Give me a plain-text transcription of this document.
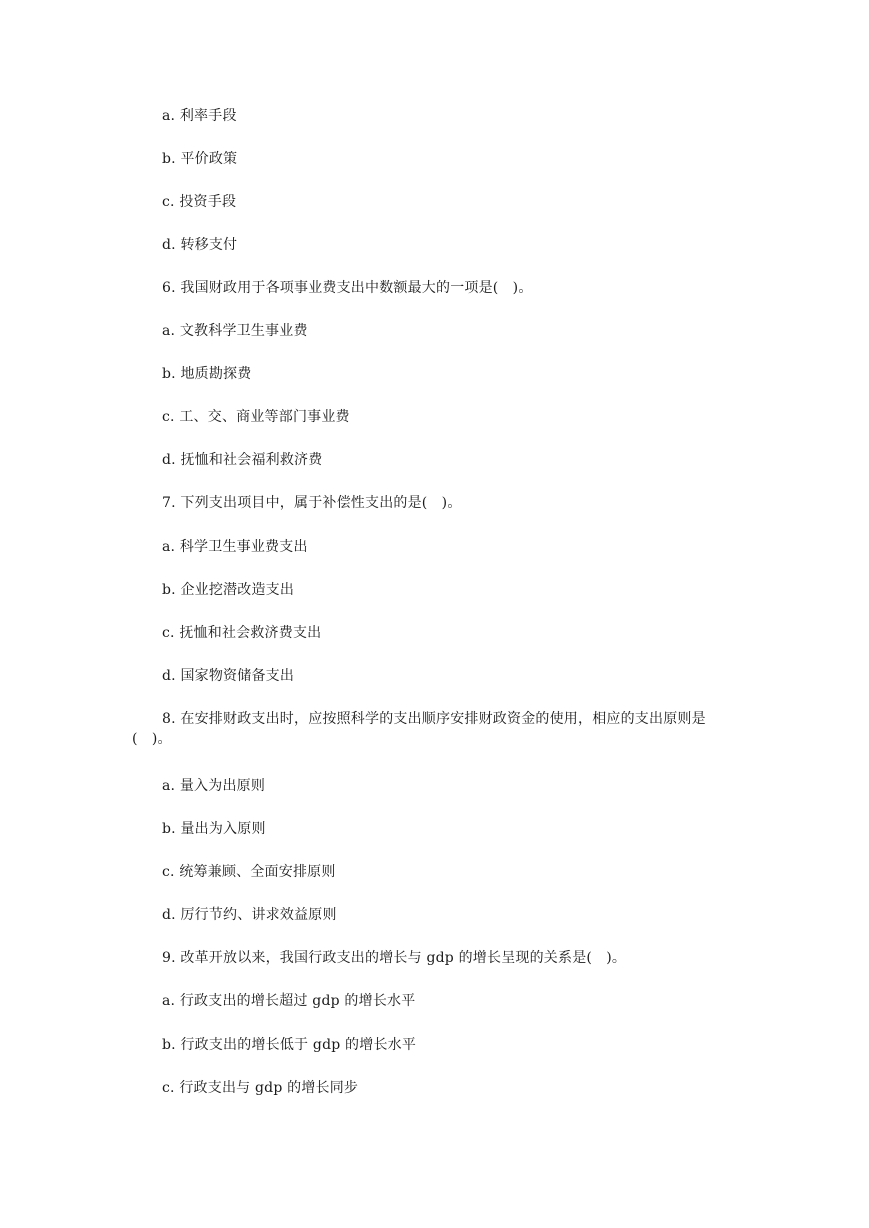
a. 利率手段
b. 平价政策
c. 投资手段
d. 转移支付
6. 我国财政用于各项事业费支出中数额最大的一项是(　)。
a. 文教科学卫生事业费
b. 地质勘探费
c. 工、交、商业等部门事业费
d. 抚恤和社会福利救济费
7. 下列支出项目中，属于补偿性支出的是(　)。
a. 科学卫生事业费支出
b. 企业挖潜改造支出
c. 抚恤和社会救济费支出
d. 国家物资储备支出
8. 在安排财政支出时，应按照科学的支出顺序安排财政资金的使用，相应的支出原则是(　)。
a. 量入为出原则
b. 量出为入原则
c. 统筹兼顾、全面安排原则
d. 厉行节约、讲求效益原则
9. 改革开放以来，我国行政支出的增长与 gdp 的增长呈现的关系是(　)。
a. 行政支出的增长超过 gdp 的增长水平
b. 行政支出的增长低于 gdp 的增长水平
c. 行政支出与 gdp 的增长同步
